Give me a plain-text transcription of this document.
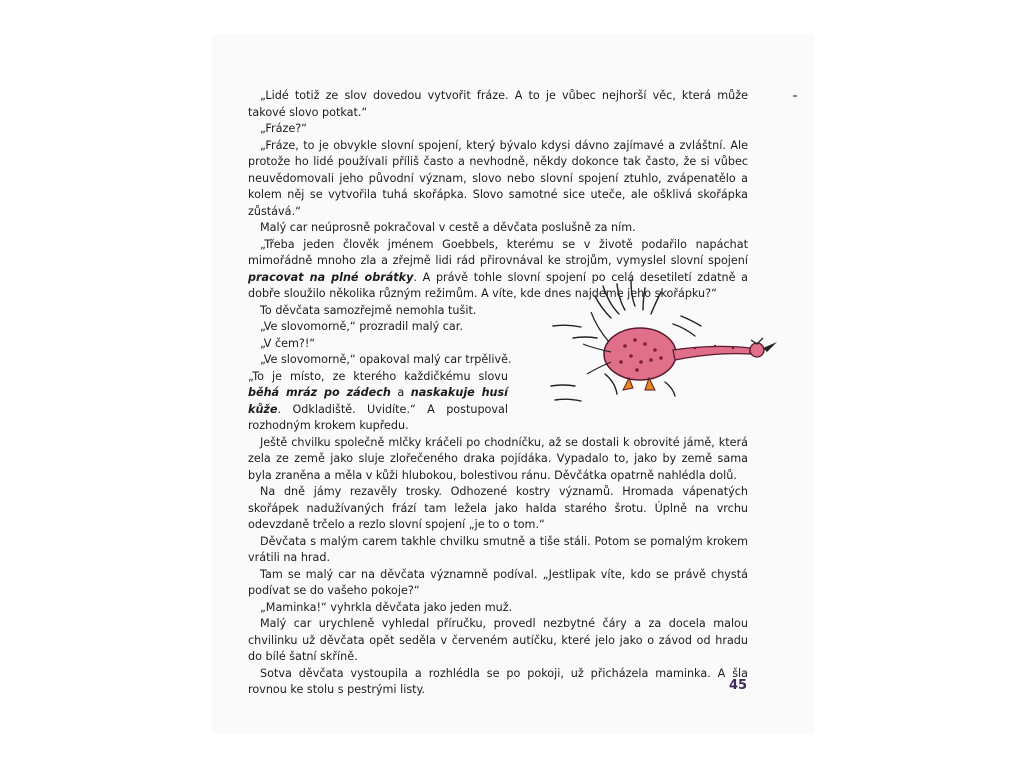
„Lidé totiž ze slov dovedou vytvořit fráze. A to je vůbec nejhorší věc, která může takové slovo potkat.“

„Fráze?“

„Fráze, to je obvykle slovní spojení, který bývalo kdysi dávno zajímavé a zvláštní. Ale protože ho lidé používali příliš často a nevhodně, někdy dokonce tak často, že si vůbec neuvědomovali jeho původní význam, slovo nebo slovní spojení ztuhlo, zvápenatělo a kolem něj se vytvořila tuhá skořápka. Slovo samotné sice uteče, ale ošklivá skořápka zůstává.“

Malý car neúprosně pokračoval v cestě a děvčata poslušně za ním.

„Třeba jeden člověk jménem Goebbels, kterému se v životě podařilo napáchat mimořádně mnoho zla a zřejmě lidi rád přirovnával ke strojům, vymyslel slovní spojení pracovat na plné obrátky. A právě tohle slovní spojení po celá desetiletí zdatně a dobře sloužilo několika různým režimům. A víte, kde dnes najdeme jeho skořápku?“

To děvčata samozřejmě nemohla tušit.

„Ve slovomorně,“ prozradil malý car.

„V čem?!“

„Ve slovomorně,“ opakoval malý car trpělivě.

„To je místo, ze kterého každičkému slovu běhá mráz po zádech a naskakuje husí kůže. Odkladiště. Uvidíte.“ A postupoval rozhodným krokem kupředu.

Ještě chvilku společně mlčky kráčeli po chodníčku, až se dostali k obrovité jámě, která zela ze země jako sluje zlořečeného draka pojídáka. Vypadalo to, jako by země sama byla zraněna a měla v kůži hlubokou, bolestivou ránu. Děvčátka opatrně nahlédla dolů.

Na dně jámy rezavěly trosky. Odhozené kostry významů. Hromada vápenatých skořápek nadužívaných frází tam ležela jako halda starého šrotu. Úplně na vrchu odevzdaně trčelo a rezlo slovní spojení „je to o tom.“

Děvčata s malým carem takhle chvilku smutně a tiše stáli. Potom se pomalým krokem vrátili na hrad.

Tam se malý car na děvčata významně podíval. „Jestlipak víte, kdo se právě chystá podívat se do vašeho pokoje?“

„Maminka!“ vyhrkla děvčata jako jeden muž.

Malý car urychleně vyhledal příručku, provedl nezbytné čáry a za docela malou chvilinku už děvčata opět seděla v červeném autíčku, které jelo jako o závod od hradu do bílé šatní skříně.

Sotva děvčata vystoupila a rozhlédla se po pokoji, už přicházela maminka. A šla rovnou ke stolu s pestrými listy.	45
